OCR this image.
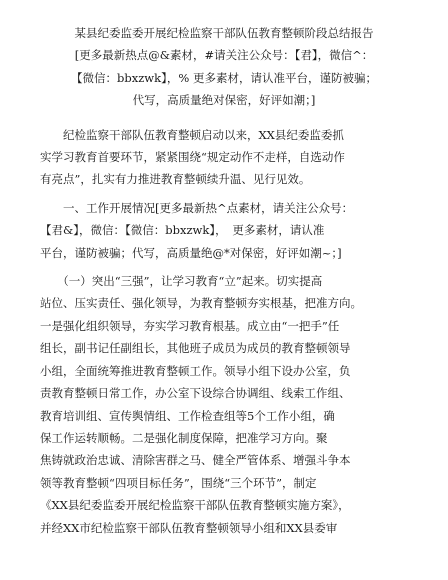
某县纪委监委开展纪检监察干部队伍教育整顿阶段总结报告
[更多最新热点@&素材，#请关注公众号：【君】，微信^：
【微信：bbxzwk】，% 更多素材，请认准平台，谨防被骗；
代写，高质量绝对保密，好评如潮；]
　　纪检监察干部队伍教育整顿启动以来，XX县纪委监委抓
实学习教育首要环节，紧紧围绕“规定动作不走样，自选动作
有亮点”，扎实有力推进教育整顿续升温、见行见效。
　　一、工作开展情况[更多最新热^点素材，请关注公众号：
【君&】，微信：【微信：bbxzwk】，　更多素材，请认准
平台，谨防被骗；代写，高质量绝@*对保密，好评如潮~；]
　　（一）突出“三强”，让学习教育“立”起来。切实提高
站位、压实责任、强化领导，为教育整顿夯实根基，把准方向。
一是强化组织领导，夯实学习教育根基。成立由“一把手”任
组长，副书记任副组长，其他班子成员为成员的教育整顿领导
小组，全面统筹推进教育整顿工作。领导小组下设办公室，负
责教育整顿日常工作，办公室下设综合协调组、线索工作组、
教育培训组、宣传舆情组、工作检查组等5个工作小组，确
保工作运转顺畅。二是强化制度保障，把准学习方向。聚
焦铸就政治忠诚、清除害群之马、健全严管体系、增强斗争本
领等教育整顿“四项目标任务”，围绕“三个环节”，制定
《XX县纪委监委开展纪检监察干部队伍教育整顿实施方案》，
并经XX市纪检监察干部队伍教育整顿领导小组和XX县委审
